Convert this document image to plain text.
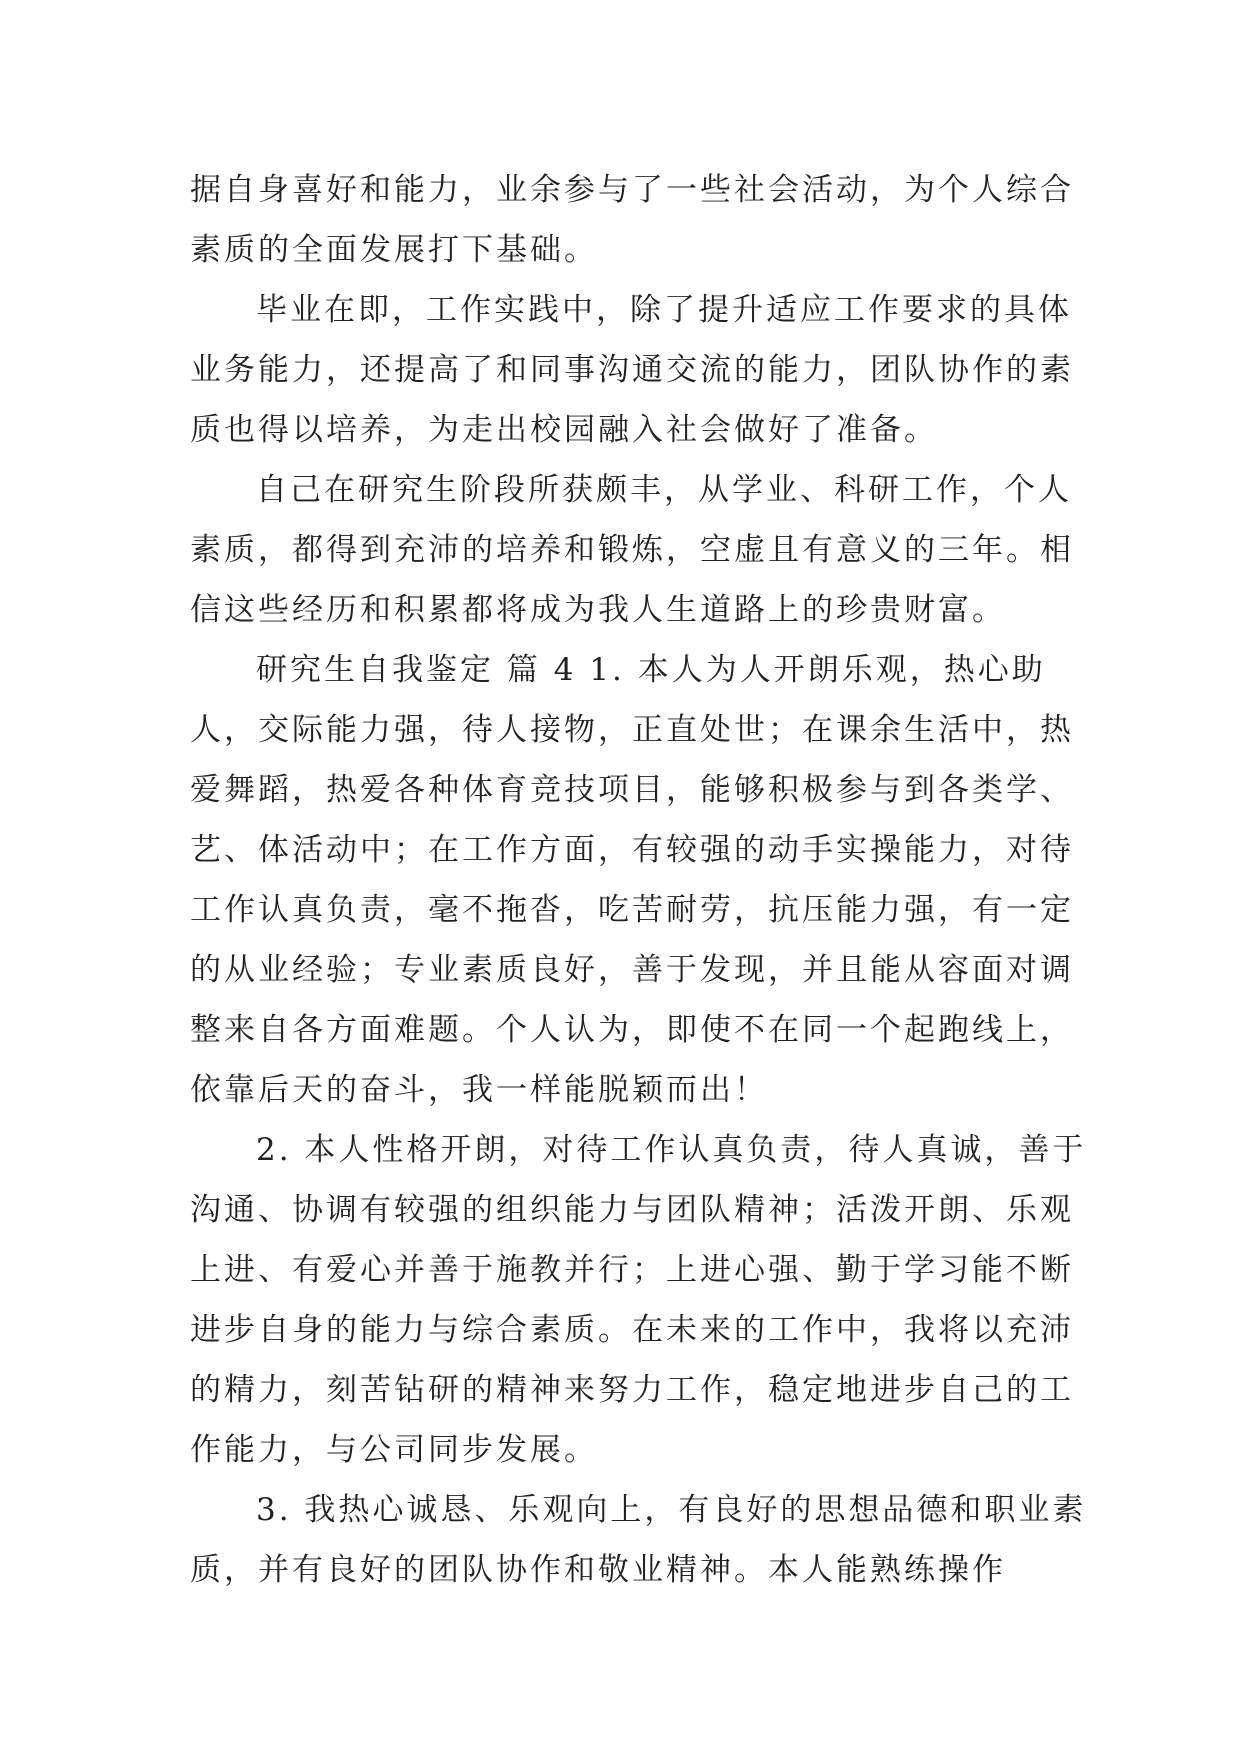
据自身喜好和能力，业余参与了一些社会活动，为个人综合
素质的全面发展打下基础。
毕业在即，工作实践中，除了提升适应工作要求的具体
业务能力，还提高了和同事沟通交流的能力，团队协作的素
质也得以培养，为走出校园融入社会做好了准备。
自己在研究生阶段所获颇丰，从学业、科研工作，个人
素质，都得到充沛的培养和锻炼，空虚且有意义的三年。相
信这些经历和积累都将成为我人生道路上的珍贵财富。
研究生自我鉴定 篇 4 1. 本人为人开朗乐观，热心助
人，交际能力强，待人接物，正直处世；在课余生活中，热
爱舞蹈，热爱各种体育竞技项目，能够积极参与到各类学、
艺、体活动中；在工作方面，有较强的动手实操能力，对待
工作认真负责，毫不拖沓，吃苦耐劳，抗压能力强，有一定
的从业经验；专业素质良好，善于发现，并且能从容面对调
整来自各方面难题。个人认为，即使不在同一个起跑线上，
依靠后天的奋斗，我一样能脱颖而出！
2. 本人性格开朗，对待工作认真负责，待人真诚，善于
沟通、协调有较强的组织能力与团队精神；活泼开朗、乐观
上进、有爱心并善于施教并行；上进心强、勤于学习能不断
进步自身的能力与综合素质。在未来的工作中，我将以充沛
的精力，刻苦钻研的精神来努力工作，稳定地进步自己的工
作能力，与公司同步发展。
3. 我热心诚恳、乐观向上，有良好的思想品德和职业素
质，并有良好的团队协作和敬业精神。本人能熟练操作
